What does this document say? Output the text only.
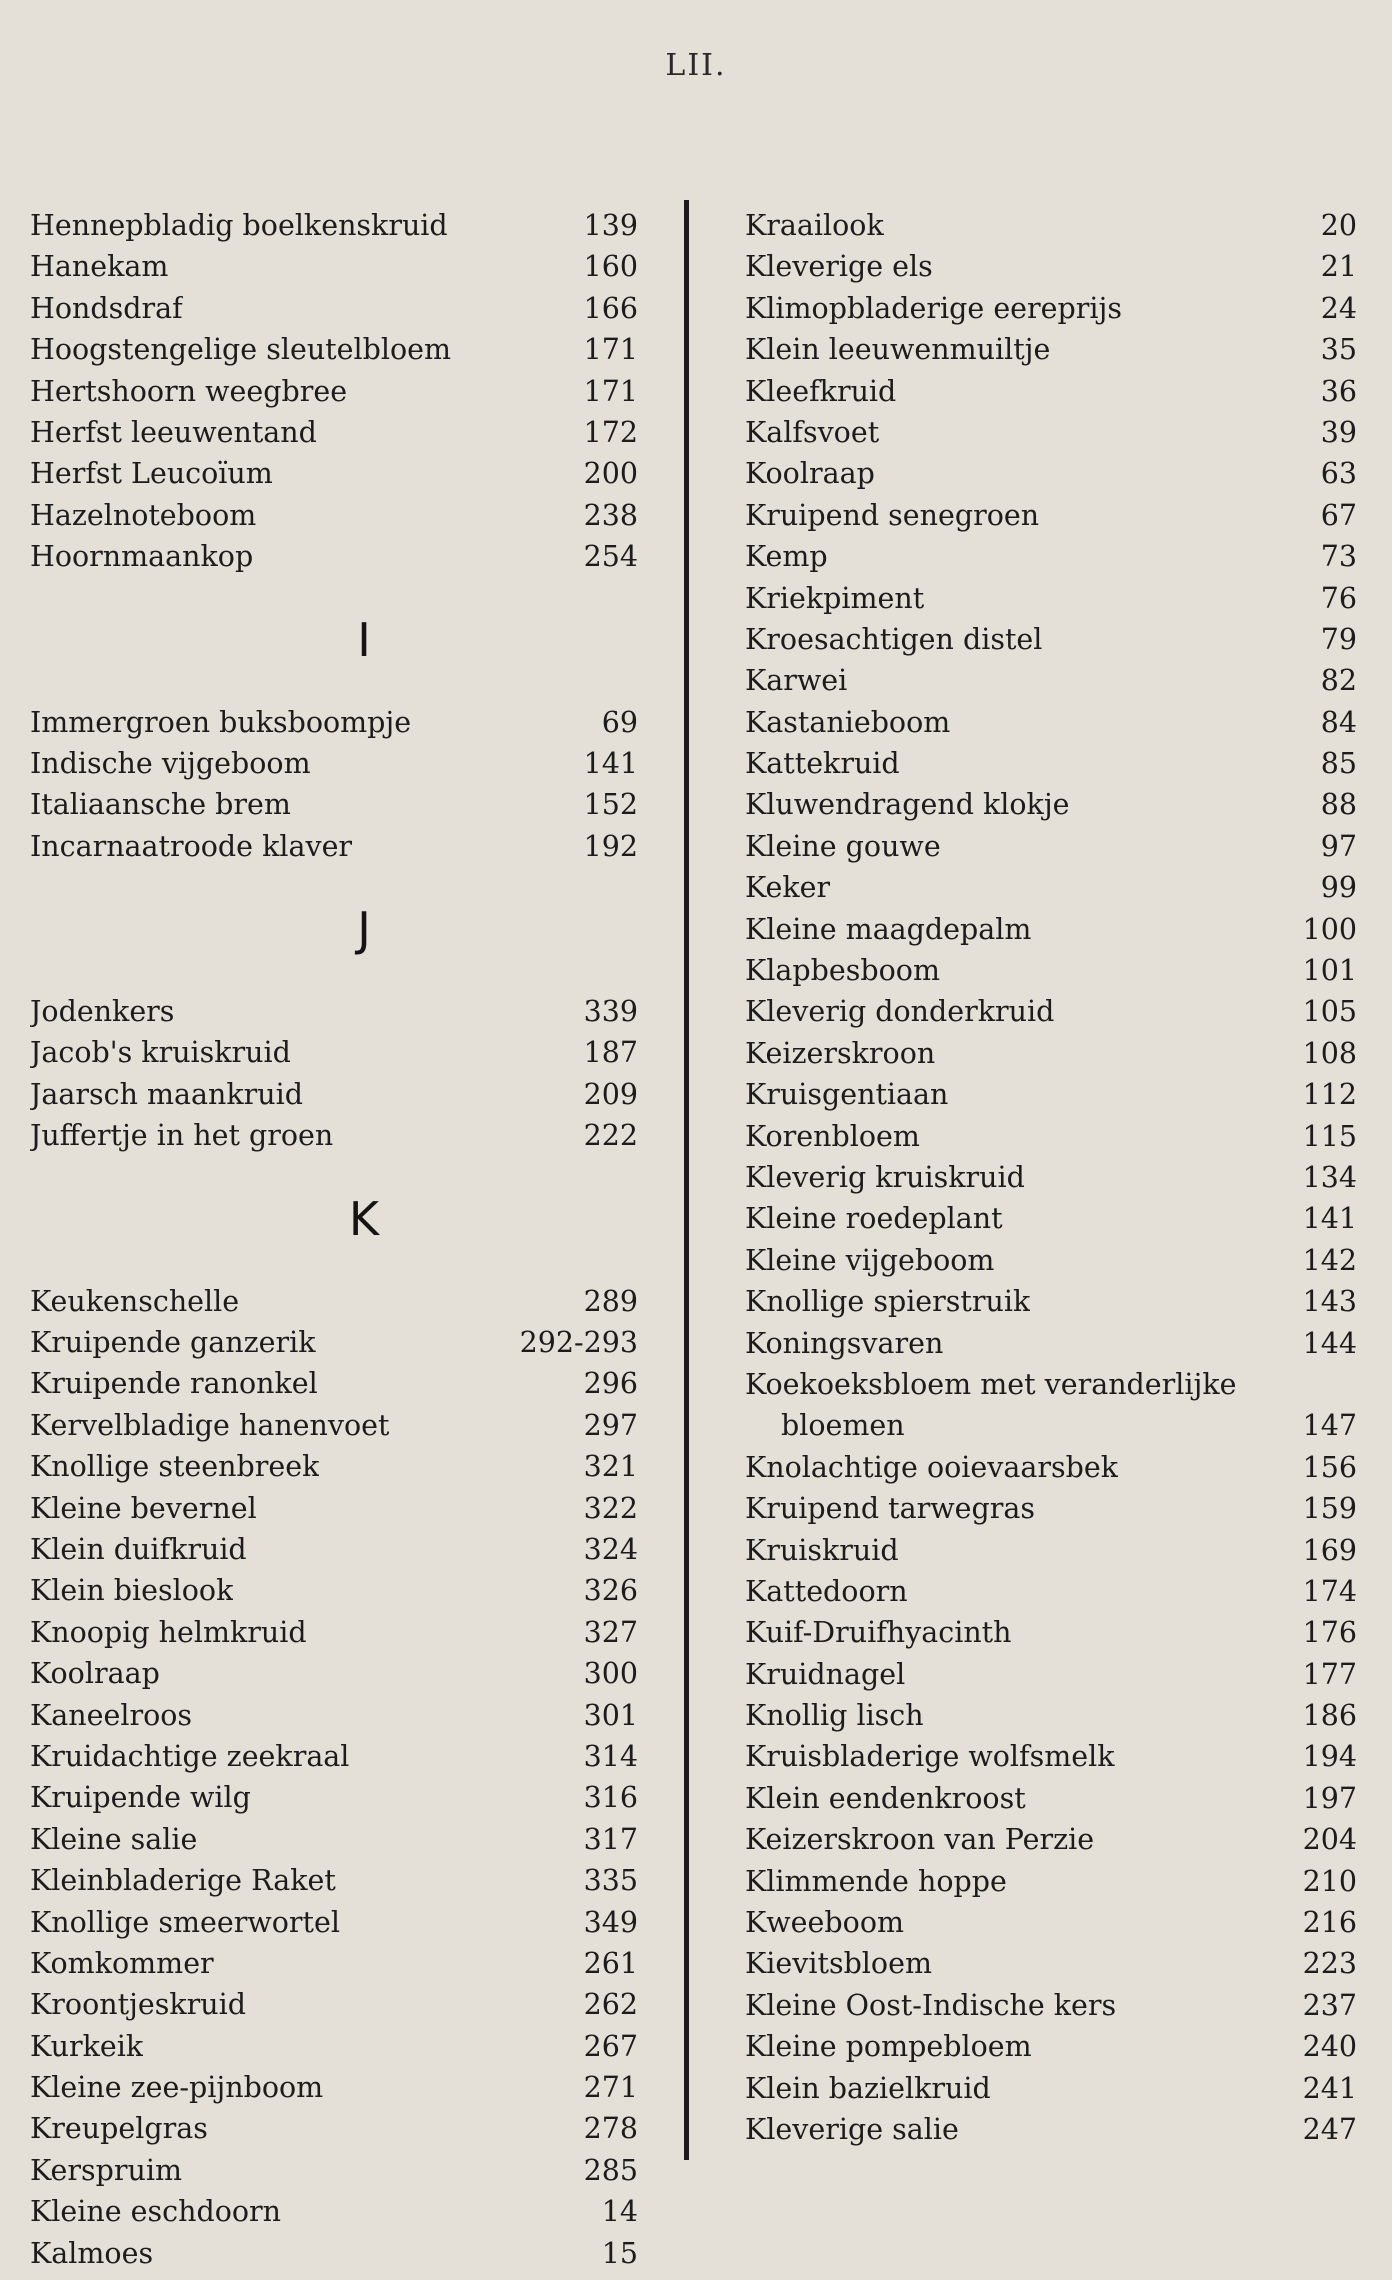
LII.
Hennepbladig boelkenskruid	139
Hanekam	160
Hondsdraf	166
Hoogstengelige sleutelbloem	171
Hertshoorn weegbree	171
Herfst leeuwentand	172
Herfst Leucoïum	200
Hazelnoteboom	238
Hoornmaankop	254
I
Immergroen buksboompje	69
Indische vijgeboom	141
Italiaansche brem	152
Incarnaatroode klaver	192
J
Jodenkers	339
Jacob's kruiskruid	187
Jaarsch maankruid	209
Juffertje in het groen	222
K
Keukenschelle	289
Kruipende ganzerik	292-293
Kruipende ranonkel	296
Kervelbladige hanenvoet	297
Knollige steenbreek	321
Kleine bevernel	322
Klein duifkruid	324
Klein bieslook	326
Knoopig helmkruid	327
Koolraap	300
Kaneelroos	301
Kruidachtige zeekraal	314
Kruipende wilg	316
Kleine salie	317
Kleinbladerige Raket	335
Knollige smeerwortel	349
Komkommer	261
Kroontjeskruid	262
Kurkeik	267
Kleine zee-pijnboom	271
Kreupelgras	278
Kerspruim	285
Kleine eschdoorn	14
Kalmoes	15
Kraailook	20
Kleverige els	21
Klimopbladerige eereprijs	24
Klein leeuwenmuiltje	35
Kleefkruid	36
Kalfsvoet	39
Koolraap	63
Kruipend senegroen	67
Kemp	73
Kriekpiment	76
Kroesachtigen distel	79
Karwei	82
Kastanieboom	84
Kattekruid	85
Kluwendragend klokje	88
Kleine gouwe	97
Keker	99
Kleine maagdepalm	100
Klapbesboom	101
Kleverig donderkruid	105
Keizerskroon	108
Kruisgentiaan	112
Korenbloem	115
Kleverig kruiskruid	134
Kleine roedeplant	141
Kleine vijgeboom	142
Knollige spierstruik	143
Koningsvaren	144
Koekoeksbloem met veranderlijke
bloemen	147
Knolachtige ooievaarsbek	156
Kruipend tarwegras	159
Kruiskruid	169
Kattedoorn	174
Kuif-Druifhyacinth	176
Kruidnagel	177
Knollig lisch	186
Kruisbladerige wolfsmelk	194
Klein eendenkroost	197
Keizerskroon van Perzie	204
Klimmende hoppe	210
Kweeboom	216
Kievitsbloem	223
Kleine Oost-Indische kers	237
Kleine pompebloem	240
Klein bazielkruid	241
Kleverige salie	247
